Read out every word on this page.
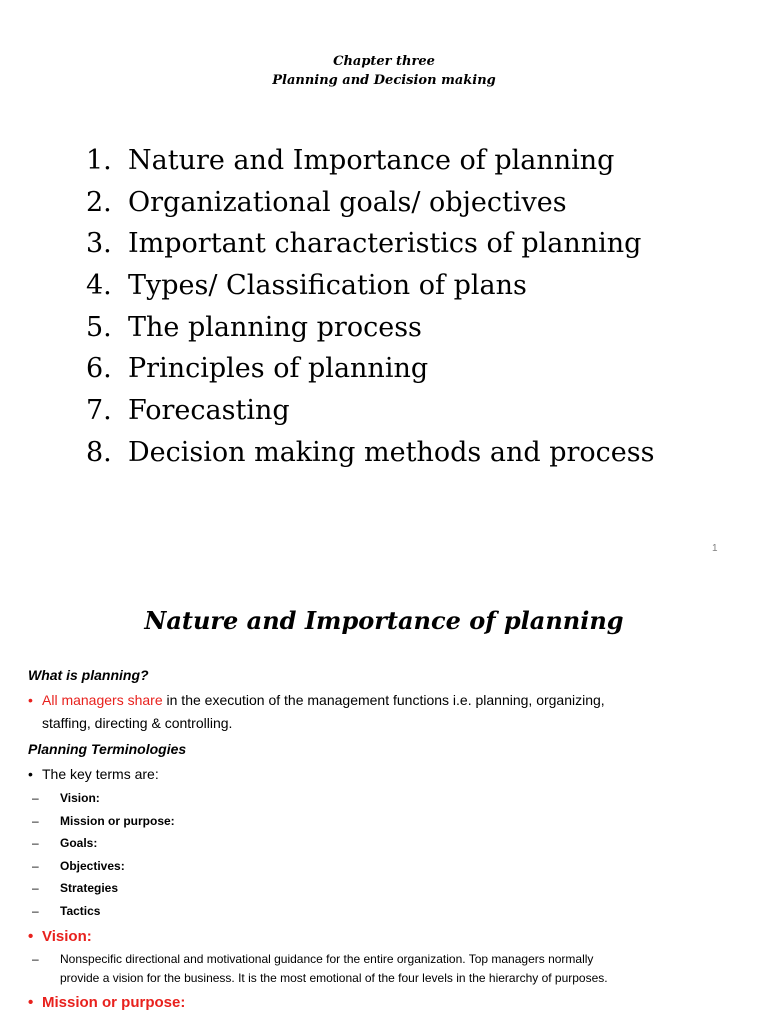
Chapter three
Planning and Decision making
1. Nature and Importance of planning
2. Organizational goals/ objectives
3. Important characteristics of planning
4. Types/ Classification of plans
5. The planning process
6. Principles of planning
7. Forecasting
8. Decision making methods and process
1
Nature and Importance of planning
What is planning?
• All managers share in the execution of the management functions i.e. planning, organizing,
staffing, directing & controlling.
Planning Terminologies
• The key terms are:
– Vision:
– Mission or purpose:
– Goals:
– Objectives:
– Strategies
– Tactics
• Vision:
– Nonspecific directional and motivational guidance for the entire organization. Top managers normally
provide a vision for the business. It is the most emotional of the four levels in the hierarchy of purposes.
• Mission or purpose:
